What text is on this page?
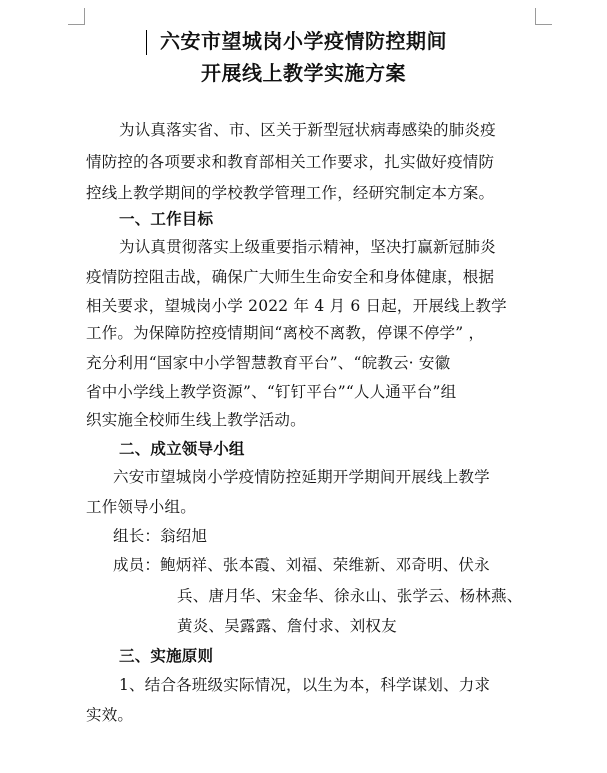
六安市望城岗小学疫情防控期间
开展线上教学实施方案
为认真落实省、市、区关于新型冠状病毒感染的肺炎疫
情防控的各项要求和教育部相关工作要求，扎实做好疫情防
控线上教学期间的学校教学管理工作，经研究制定本方案。
一、工作目标
为认真贯彻落实上级重要指示精神，坚决打赢新冠肺炎
疫情防控阻击战，确保广大师生生命安全和身体健康，根据
相关要求，望城岗小学 2022 年 4 月 6 日起，开展线上教学
工作。为保障防控疫情期间“离校不离教，停课不停学” ，
充分利用“国家中小学智慧教育平台”、“皖教云· 安徽
省中小学线上教学资源”、“钉钉平台”“人人通平台”组
织实施全校师生线上教学活动。
二、成立领导小组
六安市望城岗小学疫情防控延期开学期间开展线上教学
工作领导小组。
组长：翁绍旭
成员：鲍炳祥、张本霞、刘福、荣维新、邓奇明、伏永
兵、唐月华、宋金华、徐永山、张学云、杨林燕、
黄炎、吴露露、詹付求、刘权友
三、实施原则
1、结合各班级实际情况，以生为本，科学谋划、力求
实效。
